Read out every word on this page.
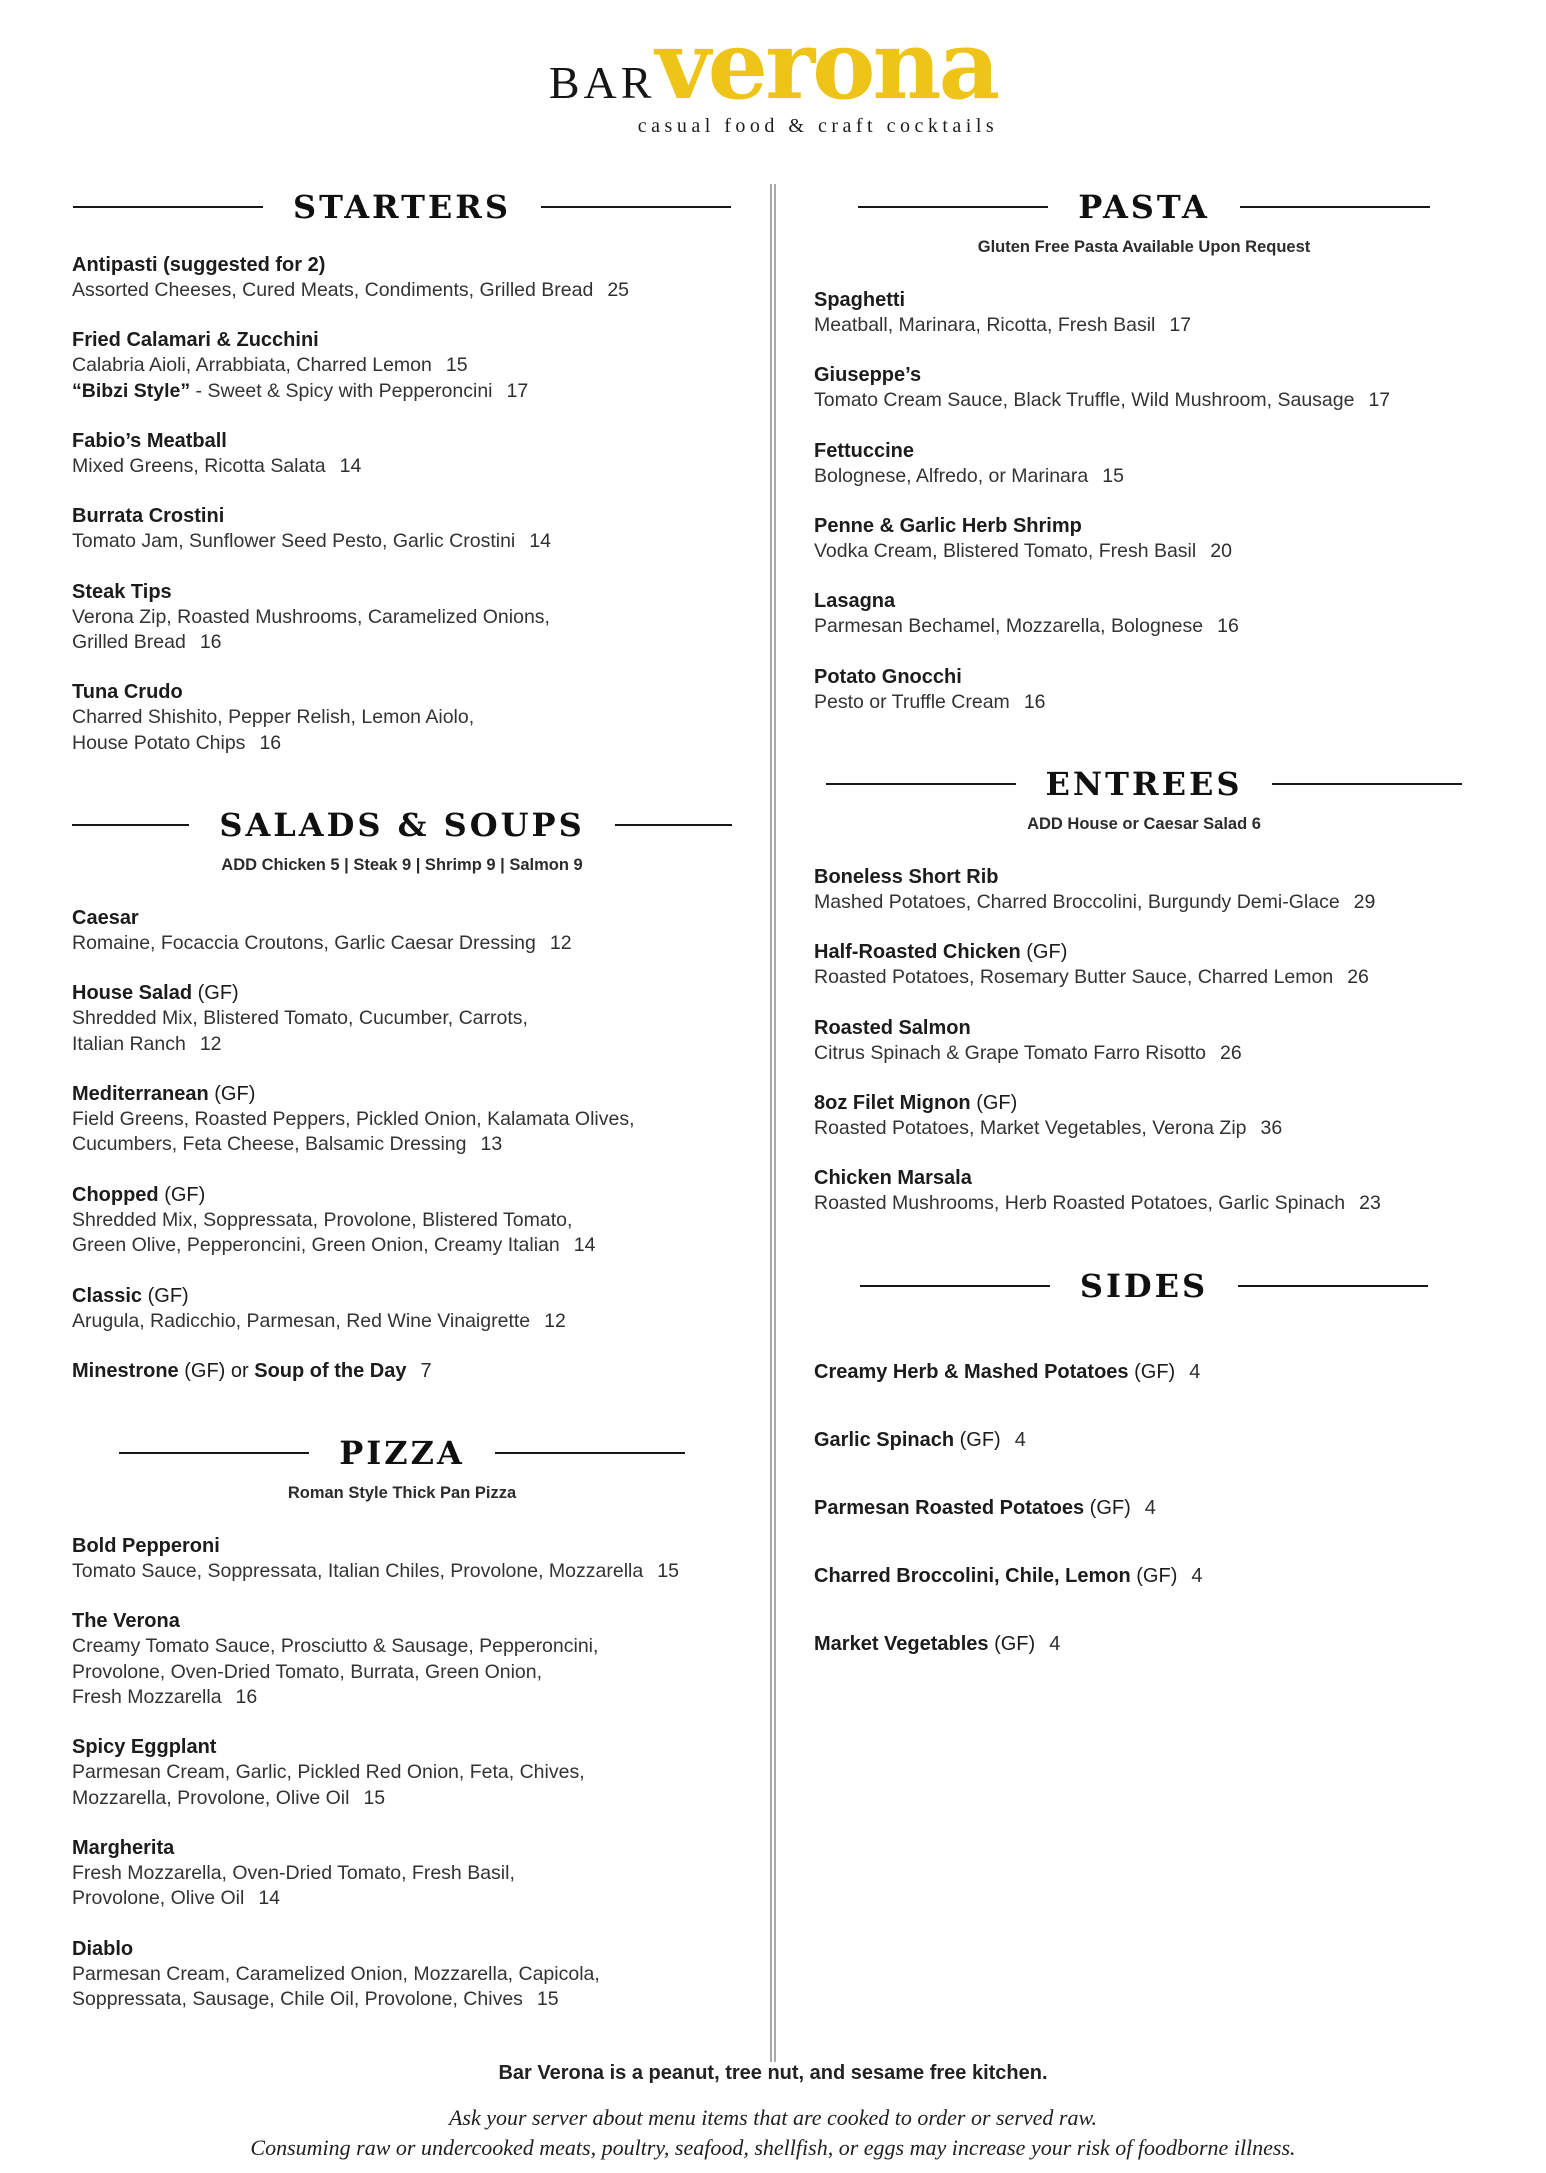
BAR verona
casual food & craft cocktails
STARTERS
Antipasti (suggested for 2)
Assorted Cheeses, Cured Meats, Condiments, Grilled Bread 25
Fried Calamari & Zucchini
Calabria Aioli, Arrabbiata, Charred Lemon 15
“Bibzi Style” - Sweet & Spicy with Pepperoncini 17
Fabio’s Meatball
Mixed Greens, Ricotta Salata 14
Burrata Crostini
Tomato Jam, Sunflower Seed Pesto, Garlic Crostini 14
Steak Tips
Verona Zip, Roasted Mushrooms, Caramelized Onions,
Grilled Bread 16
Tuna Crudo
Charred Shishito, Pepper Relish, Lemon Aiolo,
House Potato Chips 16
SALADS & SOUPS
ADD Chicken 5 | Steak 9 | Shrimp 9 | Salmon 9
Caesar
Romaine, Focaccia Croutons, Garlic Caesar Dressing 12
House Salad (GF)
Shredded Mix, Blistered Tomato, Cucumber, Carrots,
Italian Ranch 12
Mediterranean (GF)
Field Greens, Roasted Peppers, Pickled Onion, Kalamata Olives,
Cucumbers, Feta Cheese, Balsamic Dressing 13
Chopped (GF)
Shredded Mix, Soppressata, Provolone, Blistered Tomato,
Green Olive, Pepperoncini, Green Onion, Creamy Italian 14
Classic (GF)
Arugula, Radicchio, Parmesan, Red Wine Vinaigrette 12
Minestrone (GF) or Soup of the Day 7
PIZZA
Roman Style Thick Pan Pizza
Bold Pepperoni
Tomato Sauce, Soppressata, Italian Chiles, Provolone, Mozzarella 15
The Verona
Creamy Tomato Sauce, Prosciutto & Sausage, Pepperoncini,
Provolone, Oven-Dried Tomato, Burrata, Green Onion,
Fresh Mozzarella 16
Spicy Eggplant
Parmesan Cream, Garlic, Pickled Red Onion, Feta, Chives,
Mozzarella, Provolone, Olive Oil 15
Margherita
Fresh Mozzarella, Oven-Dried Tomato, Fresh Basil,
Provolone, Olive Oil 14
Diablo
Parmesan Cream, Caramelized Onion, Mozzarella, Capicola,
Soppressata, Sausage, Chile Oil, Provolone, Chives 15
PASTA
Gluten Free Pasta Available Upon Request
Spaghetti
Meatball, Marinara, Ricotta, Fresh Basil 17
Giuseppe’s
Tomato Cream Sauce, Black Truffle, Wild Mushroom, Sausage 17
Fettuccine
Bolognese, Alfredo, or Marinara 15
Penne & Garlic Herb Shrimp
Vodka Cream, Blistered Tomato, Fresh Basil 20
Lasagna
Parmesan Bechamel, Mozzarella, Bolognese 16
Potato Gnocchi
Pesto or Truffle Cream 16
ENTREES
ADD House or Caesar Salad 6
Boneless Short Rib
Mashed Potatoes, Charred Broccolini, Burgundy Demi-Glace 29
Half-Roasted Chicken (GF)
Roasted Potatoes, Rosemary Butter Sauce, Charred Lemon 26
Roasted Salmon
Citrus Spinach & Grape Tomato Farro Risotto 26
8oz Filet Mignon (GF)
Roasted Potatoes, Market Vegetables, Verona Zip 36
Chicken Marsala
Roasted Mushrooms, Herb Roasted Potatoes, Garlic Spinach 23
SIDES
Creamy Herb & Mashed Potatoes (GF) 4
Garlic Spinach (GF) 4
Parmesan Roasted Potatoes (GF) 4
Charred Broccolini, Chile, Lemon (GF) 4
Market Vegetables (GF) 4
Bar Verona is a peanut, tree nut, and sesame free kitchen.
Ask your server about menu items that are cooked to order or served raw.
Consuming raw or undercooked meats, poultry, seafood, shellfish, or eggs may increase your risk of foodborne illness.
